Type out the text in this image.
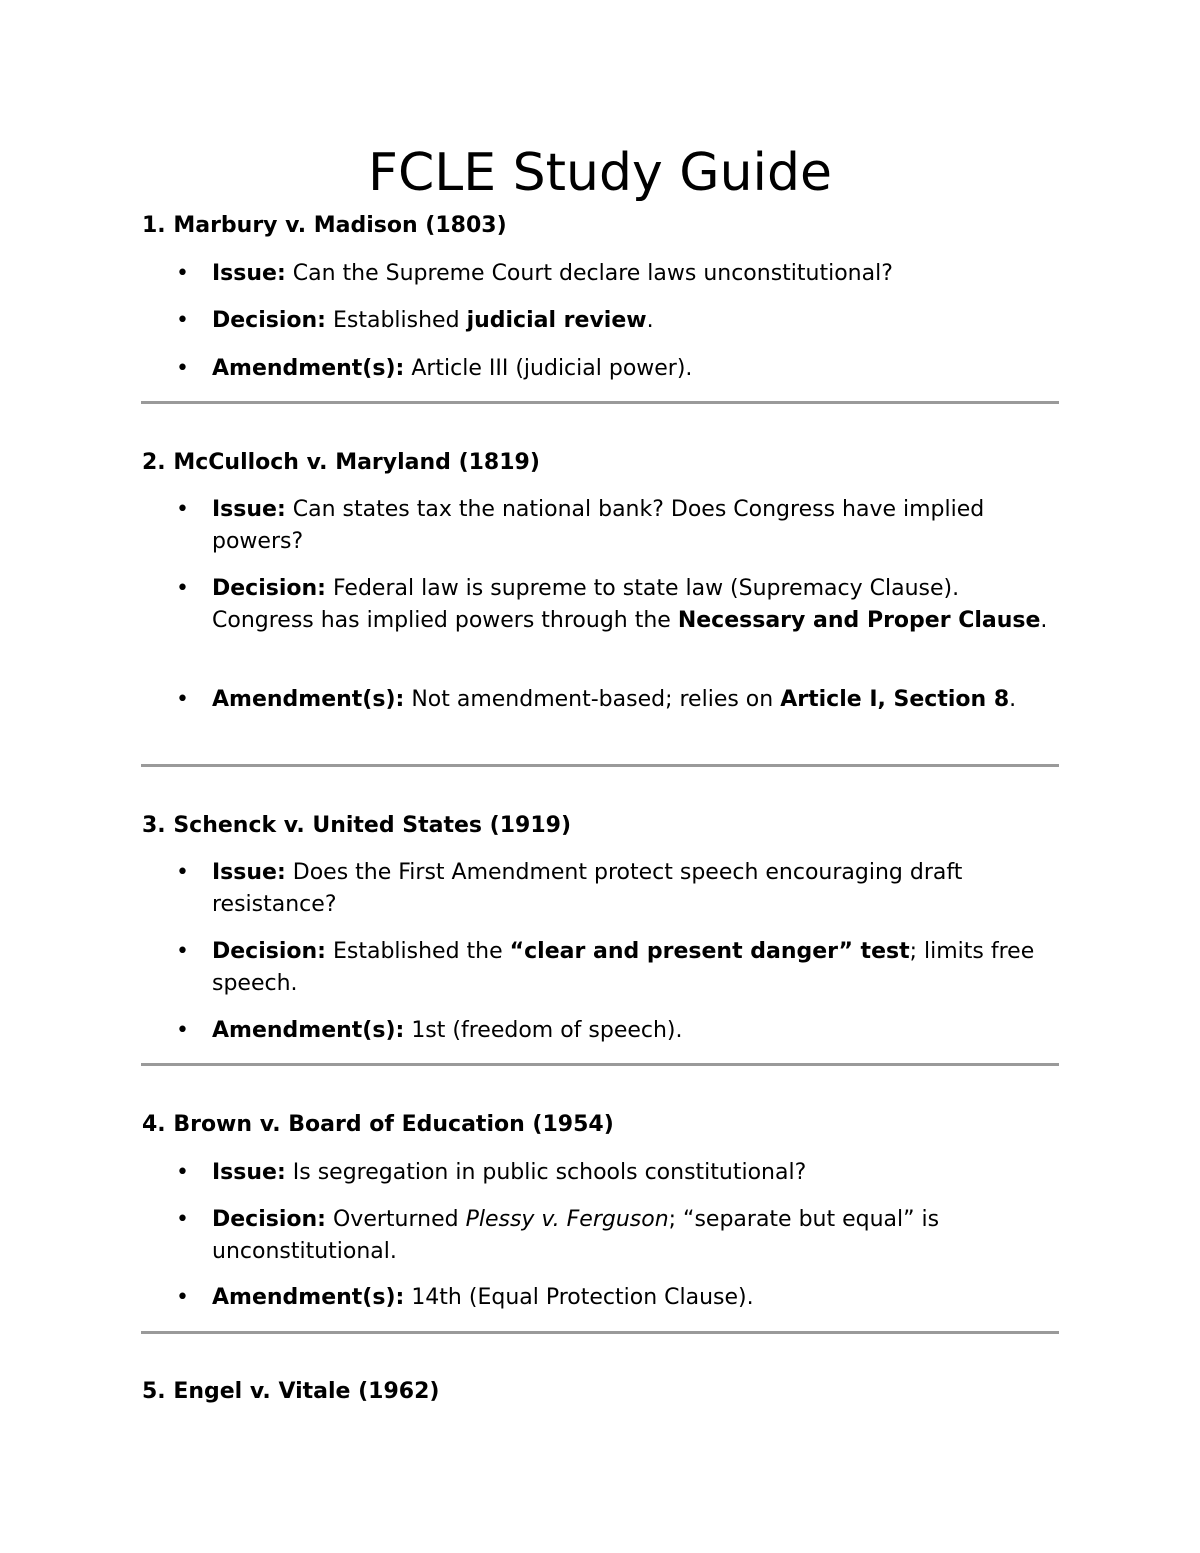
FCLE Study Guide
1. Marbury v. Madison (1803)
• Issue: Can the Supreme Court declare laws unconstitutional?

• Decision: Established judicial review.

• Amendment(s): Article III (judicial power).

2. McCulloch v. Maryland (1819)
• Issue: Can states tax the national bank? Does Congress have implied powers?

• Decision: Federal law is supreme to state law (Supremacy Clause). Congress has implied powers through the Necessary and Proper Clause.

• Amendment(s): Not amendment-based; relies on Article I, Section 8.

3. Schenck v. United States (1919)
• Issue: Does the First Amendment protect speech encouraging draft resistance?

• Decision: Established the “clear and present danger” test; limits free speech.

• Amendment(s): 1st (freedom of speech).

4. Brown v. Board of Education (1954)
• Issue: Is segregation in public schools constitutional?

• Decision: Overturned Plessy v. Ferguson; “separate but equal” is unconstitutional.

• Amendment(s): 14th (Equal Protection Clause).

5. Engel v. Vitale (1962)
